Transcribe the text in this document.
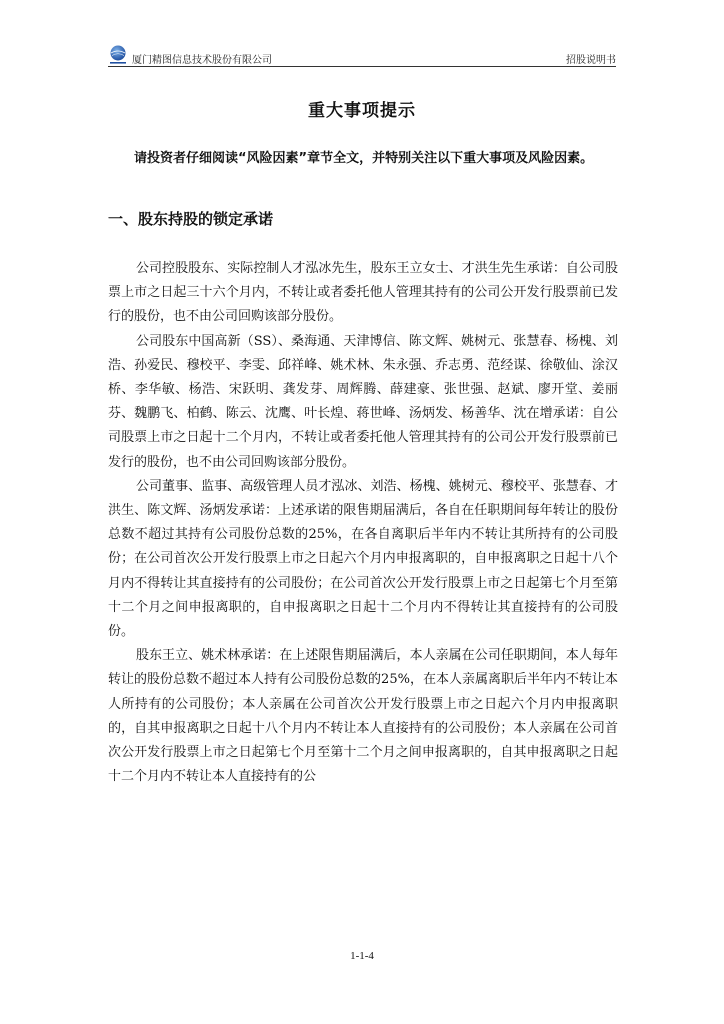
厦门精图信息技术股份有限公司	招股说明书
重大事项提示
请投资者仔细阅读“风险因素”章节全文，并特别关注以下重大事项及风险因素。
一、股东持股的锁定承诺

公司控股股东、实际控制人才泓冰先生，股东王立女士、才洪生先生承诺：自公司股票上市之日起三十六个月内，不转让或者委托他人管理其持有的公司公开发行股票前已发行的股份，也不由公司回购该部分股份。

公司股东中国高新（SS）、桑海通、天津博信、陈文辉、姚树元、张慧春、杨槐、刘浩、孙爱民、穆校平、李雯、邱祥峰、姚术林、朱永强、乔志勇、范经谋、徐敬仙、涂汉桥、李华敏、杨浩、宋跃明、龚发芽、周辉腾、薛建豪、张世强、赵斌、廖开堂、姜丽芬、魏鹏飞、柏鹤、陈云、沈鹰、叶长煌、蒋世峰、汤炳发、杨善华、沈在增承诺：自公司股票上市之日起十二个月内，不转让或者委托他人管理其持有的公司公开发行股票前已发行的股份，也不由公司回购该部分股份。

公司董事、监事、高级管理人员才泓冰、刘浩、杨槐、姚树元、穆校平、张慧春、才洪生、陈文辉、汤炳发承诺：上述承诺的限售期届满后，各自在任职期间每年转让的股份总数不超过其持有公司股份总数的25%，在各自离职后半年内不转让其所持有的公司股份；在公司首次公开发行股票上市之日起六个月内申报离职的，自申报离职之日起十八个月内不得转让其直接持有的公司股份；在公司首次公开发行股票上市之日起第七个月至第十二个月之间申报离职的，自申报离职之日起十二个月内不得转让其直接持有的公司股份。

股东王立、姚术林承诺：在上述限售期届满后，本人亲属在公司任职期间，本人每年转让的股份总数不超过本人持有公司股份总数的25%，在本人亲属离职后半年内不转让本人所持有的公司股份；本人亲属在公司首次公开发行股票上市之日起六个月内申报离职的，自其申报离职之日起十八个月内不转让本人直接持有的公司股份；本人亲属在公司首次公开发行股票上市之日起第七个月至第十二个月之间申报离职的，自其申报离职之日起十二个月内不转让本人直接持有的公

1-1-4
